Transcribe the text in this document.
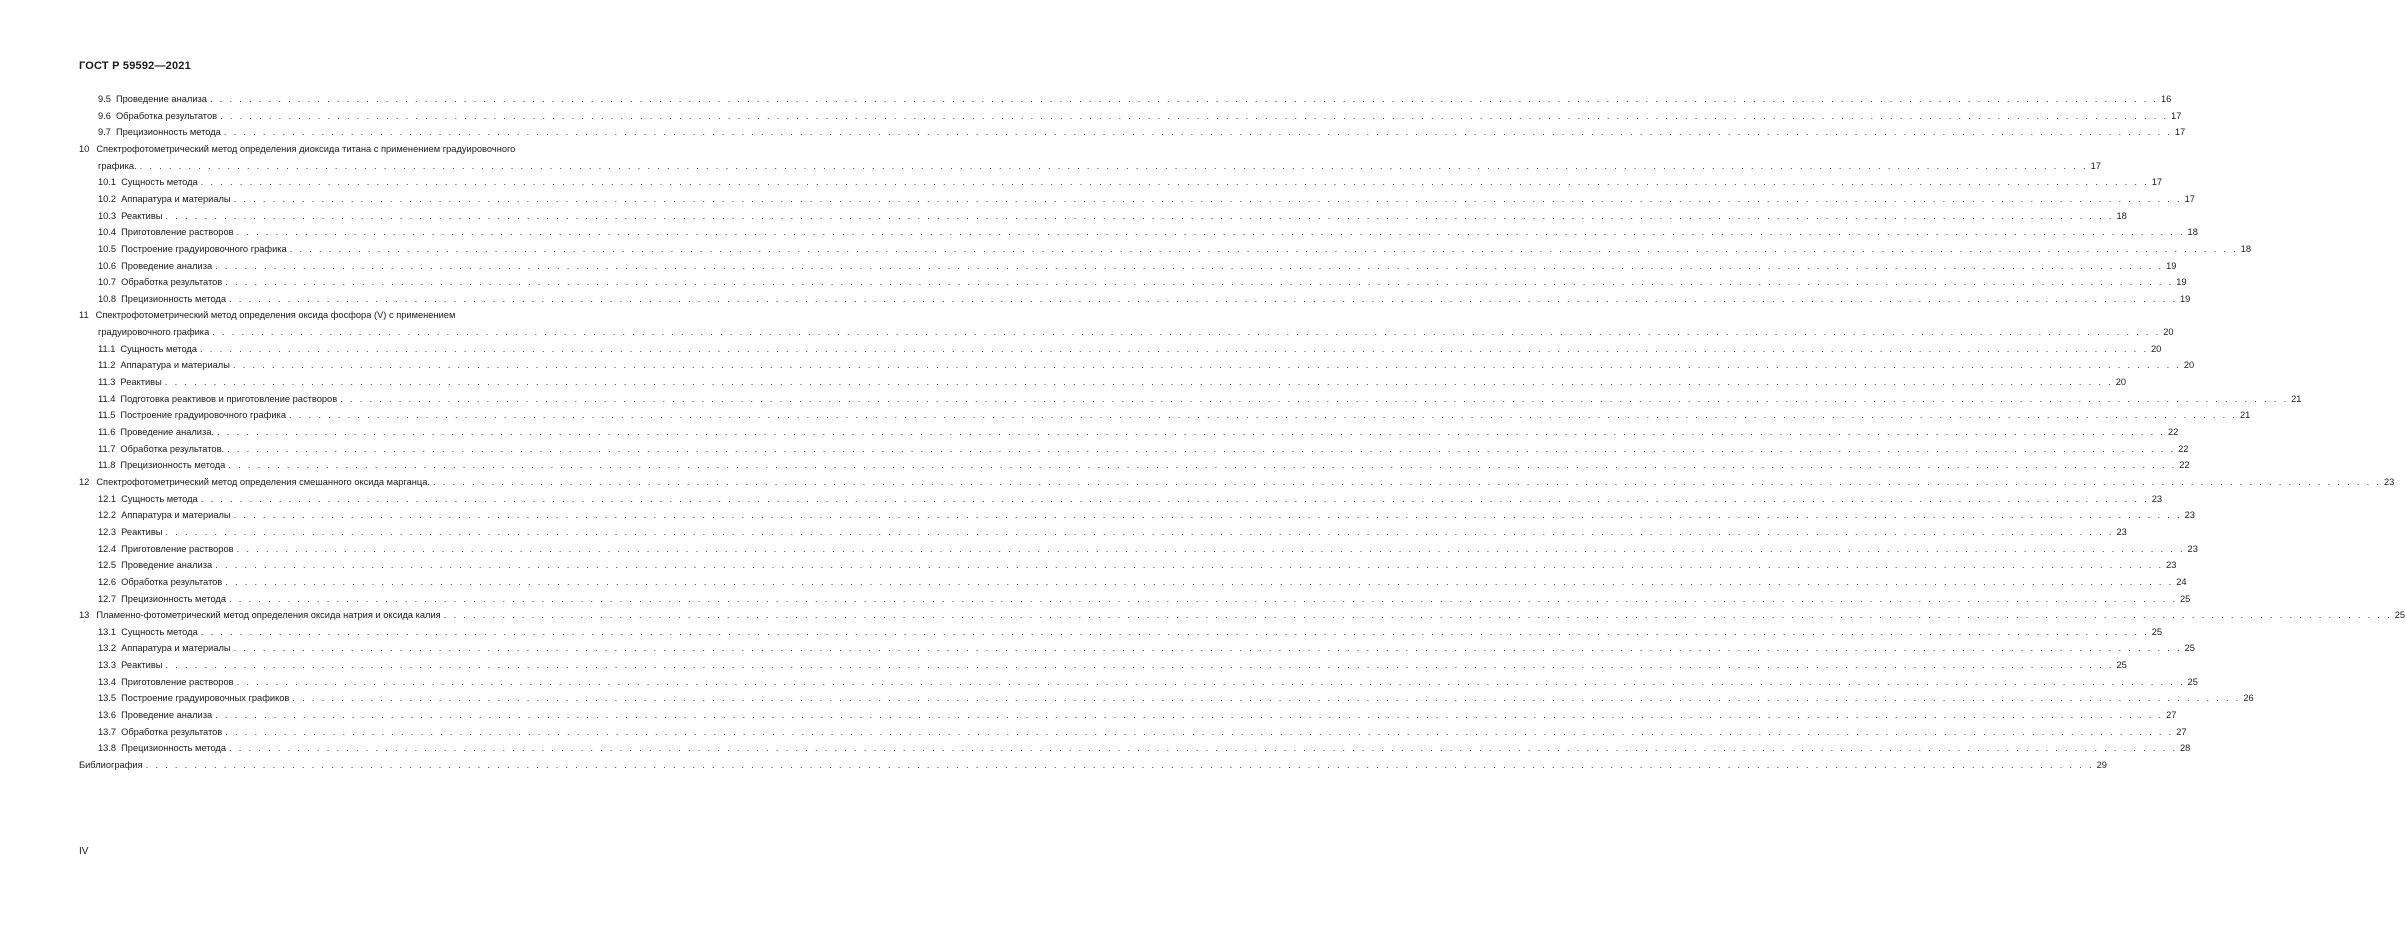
ГОСТ Р 59592—2021
9.5 Проведение анализа . . . . . . . . . . . . . . . . . . . . . . . . . . . . . . . . . . . . . . . . . . . . . . . . . . . . . . . . . . . . . . . . . . . . . . . . . . . . . . . . . . . . . . . . . . . . . . . . . . . . . . . . . . . . . . . . . . . . . . . . . . . . . . . . . . . . . . . . . . . . . . . . . . . . . . . . . . . . . . . . . . . . . . . . . . . . . . . . . . . . . . . . . . . . . . . . . . . . . . . . 16
9.6 Обработка результатов . . . . . . . . . . . . . . . . . . . . . . . . . . . . . . . . . . . . . . . . . . . . . . . . . . . . . . . . . . . . . . . . . . . . . . . . . . . . . . . . . . . . . . . . . . . . . . . . . . . . . . . . . . . . . . . . . . . . . . . . . . . . . . . . . . . . . . . . . . . . . . . . . . . . . . . . . . . . . . . . . . . . . . . . . . . . . . . . . . . . . . . . . . . . . . . . . . . . . . . . 17
9.7 Прецизионность метода . . . . . . . . . . . . . . . . . . . . . . . . . . . . . . . . . . . . . . . . . . . . . . . . . . . . . . . . . . . . . . . . . . . . . . . . . . . . . . . . . . . . . . . . . . . . . . . . . . . . . . . . . . . . . . . . . . . . . . . . . . . . . . . . . . . . . . . . . . . . . . . . . . . . . . . . . . . . . . . . . . . . . . . . . . . . . . . . . . . . . . . . . . . . . . . . . . . . . . . . 17
10 Спектрофотометрический метод определения диоксида титана с применением градуировочного
графика. . . . . . . . . . . . . . . . . . . . . . . . . . . . . . . . . . . . . . . . . . . . . . . . . . . . . . . . . . . . . . . . . . . . . . . . . . . . . . . . . . . . . . . . . . . . . . . . . . . . . . . . . . . . . . . . . . . . . . . . . . . . . . . . . . . . . . . . . . . . . . . . . . . . . . . . . . . . . . . . . . . . . . . . . . . . . . . . . . . . . . . . . . . . . . . . . . . . . . . . . 17
10.1 Сущность метода . . . . . . . . . . . . . . . . . . . . . . . . . . . . . . . . . . . . . . . . . . . . . . . . . . . . . . . . . . . . . . . . . . . . . . . . . . . . . . . . . . . . . . . . . . . . . . . . . . . . . . . . . . . . . . . . . . . . . . . . . . . . . . . . . . . . . . . . . . . . . . . . . . . . . . . . . . . . . . . . . . . . . . . . . . . . . . . . . . . . . . . . . . . . . . . . . . . . . . . . 17
10.2 Аппаратура и материалы . . . . . . . . . . . . . . . . . . . . . . . . . . . . . . . . . . . . . . . . . . . . . . . . . . . . . . . . . . . . . . . . . . . . . . . . . . . . . . . . . . . . . . . . . . . . . . . . . . . . . . . . . . . . . . . . . . . . . . . . . . . . . . . . . . . . . . . . . . . . . . . . . . . . . . . . . . . . . . . . . . . . . . . . . . . . . . . . . . . . . . . . . . . . . . . . . . . . . . . . 17
10.3 Реактивы . . . . . . . . . . . . . . . . . . . . . . . . . . . . . . . . . . . . . . . . . . . . . . . . . . . . . . . . . . . . . . . . . . . . . . . . . . . . . . . . . . . . . . . . . . . . . . . . . . . . . . . . . . . . . . . . . . . . . . . . . . . . . . . . . . . . . . . . . . . . . . . . . . . . . . . . . . . . . . . . . . . . . . . . . . . . . . . . . . . . . . . . . . . . . . . . . . . . . . . . 18
10.4 Приготовление растворов . . . . . . . . . . . . . . . . . . . . . . . . . . . . . . . . . . . . . . . . . . . . . . . . . . . . . . . . . . . . . . . . . . . . . . . . . . . . . . . . . . . . . . . . . . . . . . . . . . . . . . . . . . . . . . . . . . . . . . . . . . . . . . . . . . . . . . . . . . . . . . . . . . . . . . . . . . . . . . . . . . . . . . . . . . . . . . . . . . . . . . . . . . . . . . . . . . . . . . . . 18
10.5 Построение градуировочного графика . . . . . . . . . . . . . . . . . . . . . . . . . . . . . . . . . . . . . . . . . . . . . . . . . . . . . . . . . . . . . . . . . . . . . . . . . . . . . . . . . . . . . . . . . . . . . . . . . . . . . . . . . . . . . . . . . . . . . . . . . . . . . . . . . . . . . . . . . . . . . . . . . . . . . . . . . . . . . . . . . . . . . . . . . . . . . . . . . . . . . . . . . . . . . . . . . . . . . . . . 18
10.6 Проведение анализа . . . . . . . . . . . . . . . . . . . . . . . . . . . . . . . . . . . . . . . . . . . . . . . . . . . . . . . . . . . . . . . . . . . . . . . . . . . . . . . . . . . . . . . . . . . . . . . . . . . . . . . . . . . . . . . . . . . . . . . . . . . . . . . . . . . . . . . . . . . . . . . . . . . . . . . . . . . . . . . . . . . . . . . . . . . . . . . . . . . . . . . . . . . . . . . . . . . . . . . . 19
10.7 Обработка результатов . . . . . . . . . . . . . . . . . . . . . . . . . . . . . . . . . . . . . . . . . . . . . . . . . . . . . . . . . . . . . . . . . . . . . . . . . . . . . . . . . . . . . . . . . . . . . . . . . . . . . . . . . . . . . . . . . . . . . . . . . . . . . . . . . . . . . . . . . . . . . . . . . . . . . . . . . . . . . . . . . . . . . . . . . . . . . . . . . . . . . . . . . . . . . . . . . . . . . . . . 19
10.8 Прецизионность метода . . . . . . . . . . . . . . . . . . . . . . . . . . . . . . . . . . . . . . . . . . . . . . . . . . . . . . . . . . . . . . . . . . . . . . . . . . . . . . . . . . . . . . . . . . . . . . . . . . . . . . . . . . . . . . . . . . . . . . . . . . . . . . . . . . . . . . . . . . . . . . . . . . . . . . . . . . . . . . . . . . . . . . . . . . . . . . . . . . . . . . . . . . . . . . . . . . . . . . . . 19
11 Спектрофотометрический метод определения оксида фосфора (V) с применением
градуировочного графика . . . . . . . . . . . . . . . . . . . . . . . . . . . . . . . . . . . . . . . . . . . . . . . . . . . . . . . . . . . . . . . . . . . . . . . . . . . . . . . . . . . . . . . . . . . . . . . . . . . . . . . . . . . . . . . . . . . . . . . . . . . . . . . . . . . . . . . . . . . . . . . . . . . . . . . . . . . . . . . . . . . . . . . . . . . . . . . . . . . . . . . . . . . . . . . . . . . . . . . . 20
11.1 Сущность метода . . . . . . . . . . . . . . . . . . . . . . . . . . . . . . . . . . . . . . . . . . . . . . . . . . . . . . . . . . . . . . . . . . . . . . . . . . . . . . . . . . . . . . . . . . . . . . . . . . . . . . . . . . . . . . . . . . . . . . . . . . . . . . . . . . . . . . . . . . . . . . . . . . . . . . . . . . . . . . . . . . . . . . . . . . . . . . . . . . . . . . . . . . . . . . . . . . . . . . . . 20
11.2 Аппаратура и материалы . . . . . . . . . . . . . . . . . . . . . . . . . . . . . . . . . . . . . . . . . . . . . . . . . . . . . . . . . . . . . . . . . . . . . . . . . . . . . . . . . . . . . . . . . . . . . . . . . . . . . . . . . . . . . . . . . . . . . . . . . . . . . . . . . . . . . . . . . . . . . . . . . . . . . . . . . . . . . . . . . . . . . . . . . . . . . . . . . . . . . . . . . . . . . . . . . . . . . . . . 20
11.3 Реактивы . . . . . . . . . . . . . . . . . . . . . . . . . . . . . . . . . . . . . . . . . . . . . . . . . . . . . . . . . . . . . . . . . . . . . . . . . . . . . . . . . . . . . . . . . . . . . . . . . . . . . . . . . . . . . . . . . . . . . . . . . . . . . . . . . . . . . . . . . . . . . . . . . . . . . . . . . . . . . . . . . . . . . . . . . . . . . . . . . . . . . . . . . . . . . . . . . . . . . . . . 20
11.4 Подготовка реактивов и приготовление растворов . . . . . . . . . . . . . . . . . . . . . . . . . . . . . . . . . . . . . . . . . . . . . . . . . . . . . . . . . . . . . . . . . . . . . . . . . . . . . . . . . . . . . . . . . . . . . . . . . . . . . . . . . . . . . . . . . . . . . . . . . . . . . . . . . . . . . . . . . . . . . . . . . . . . . . . . . . . . . . . . . . . . . . . . . . . . . . . . . . . . . . . . . . . . . . . . . . . . . . . . 21
11.5 Построение градуировочного графика . . . . . . . . . . . . . . . . . . . . . . . . . . . . . . . . . . . . . . . . . . . . . . . . . . . . . . . . . . . . . . . . . . . . . . . . . . . . . . . . . . . . . . . . . . . . . . . . . . . . . . . . . . . . . . . . . . . . . . . . . . . . . . . . . . . . . . . . . . . . . . . . . . . . . . . . . . . . . . . . . . . . . . . . . . . . . . . . . . . . . . . . . . . . . . . . . . . . . . . . 21
11.6 Проведение анализа. . . . . . . . . . . . . . . . . . . . . . . . . . . . . . . . . . . . . . . . . . . . . . . . . . . . . . . . . . . . . . . . . . . . . . . . . . . . . . . . . . . . . . . . . . . . . . . . . . . . . . . . . . . . . . . . . . . . . . . . . . . . . . . . . . . . . . . . . . . . . . . . . . . . . . . . . . . . . . . . . . . . . . . . . . . . . . . . . . . . . . . . . . . . . . . . . . . . . . . . . 22
11.7 Обработка результатов. . . . . . . . . . . . . . . . . . . . . . . . . . . . . . . . . . . . . . . . . . . . . . . . . . . . . . . . . . . . . . . . . . . . . . . . . . . . . . . . . . . . . . . . . . . . . . . . . . . . . . . . . . . . . . . . . . . . . . . . . . . . . . . . . . . . . . . . . . . . . . . . . . . . . . . . . . . . . . . . . . . . . . . . . . . . . . . . . . . . . . . . . . . . . . . . . . . . . . . . . 22
11.8 Прецизионность метода . . . . . . . . . . . . . . . . . . . . . . . . . . . . . . . . . . . . . . . . . . . . . . . . . . . . . . . . . . . . . . . . . . . . . . . . . . . . . . . . . . . . . . . . . . . . . . . . . . . . . . . . . . . . . . . . . . . . . . . . . . . . . . . . . . . . . . . . . . . . . . . . . . . . . . . . . . . . . . . . . . . . . . . . . . . . . . . . . . . . . . . . . . . . . . . . . . . . . . . . 22
12 Спектрофотометрический метод определения смешанного оксида марганца. . . . . . . . . . . . . . . . . . . . . . . . . . . . . . . . . . . . . . . . . . . . . . . . . . . . . . . . . . . . . . . . . . . . . . . . . . . . . . . . . . . . . . . . . . . . . . . . . . . . . . . . . . . . . . . . . . . . . . . . . . . . . . . . . . . . . . . . . . . . . . . . . . . . . . . . . . . . . . . . . . . . . . . . . . . . . . . . . . . . . . . . . . . . . . . . . . . . . . . . . 23
12.1 Сущность метода . . . . . . . . . . . . . . . . . . . . . . . . . . . . . . . . . . . . . . . . . . . . . . . . . . . . . . . . . . . . . . . . . . . . . . . . . . . . . . . . . . . . . . . . . . . . . . . . . . . . . . . . . . . . . . . . . . . . . . . . . . . . . . . . . . . . . . . . . . . . . . . . . . . . . . . . . . . . . . . . . . . . . . . . . . . . . . . . . . . . . . . . . . . . . . . . . . . . . . . . 23
12.2 Аппаратура и материалы . . . . . . . . . . . . . . . . . . . . . . . . . . . . . . . . . . . . . . . . . . . . . . . . . . . . . . . . . . . . . . . . . . . . . . . . . . . . . . . . . . . . . . . . . . . . . . . . . . . . . . . . . . . . . . . . . . . . . . . . . . . . . . . . . . . . . . . . . . . . . . . . . . . . . . . . . . . . . . . . . . . . . . . . . . . . . . . . . . . . . . . . . . . . . . . . . . . . . . . . 23
12.3 Реактивы . . . . . . . . . . . . . . . . . . . . . . . . . . . . . . . . . . . . . . . . . . . . . . . . . . . . . . . . . . . . . . . . . . . . . . . . . . . . . . . . . . . . . . . . . . . . . . . . . . . . . . . . . . . . . . . . . . . . . . . . . . . . . . . . . . . . . . . . . . . . . . . . . . . . . . . . . . . . . . . . . . . . . . . . . . . . . . . . . . . . . . . . . . . . . . . . . . . . . . . . 23
12.4 Приготовление растворов . . . . . . . . . . . . . . . . . . . . . . . . . . . . . . . . . . . . . . . . . . . . . . . . . . . . . . . . . . . . . . . . . . . . . . . . . . . . . . . . . . . . . . . . . . . . . . . . . . . . . . . . . . . . . . . . . . . . . . . . . . . . . . . . . . . . . . . . . . . . . . . . . . . . . . . . . . . . . . . . . . . . . . . . . . . . . . . . . . . . . . . . . . . . . . . . . . . . . . . . 23
12.5 Проведение анализа . . . . . . . . . . . . . . . . . . . . . . . . . . . . . . . . . . . . . . . . . . . . . . . . . . . . . . . . . . . . . . . . . . . . . . . . . . . . . . . . . . . . . . . . . . . . . . . . . . . . . . . . . . . . . . . . . . . . . . . . . . . . . . . . . . . . . . . . . . . . . . . . . . . . . . . . . . . . . . . . . . . . . . . . . . . . . . . . . . . . . . . . . . . . . . . . . . . . . . . . 23
12.6 Обработка результатов . . . . . . . . . . . . . . . . . . . . . . . . . . . . . . . . . . . . . . . . . . . . . . . . . . . . . . . . . . . . . . . . . . . . . . . . . . . . . . . . . . . . . . . . . . . . . . . . . . . . . . . . . . . . . . . . . . . . . . . . . . . . . . . . . . . . . . . . . . . . . . . . . . . . . . . . . . . . . . . . . . . . . . . . . . . . . . . . . . . . . . . . . . . . . . . . . . . . . . . . 24
12.7 Прецизионность метода . . . . . . . . . . . . . . . . . . . . . . . . . . . . . . . . . . . . . . . . . . . . . . . . . . . . . . . . . . . . . . . . . . . . . . . . . . . . . . . . . . . . . . . . . . . . . . . . . . . . . . . . . . . . . . . . . . . . . . . . . . . . . . . . . . . . . . . . . . . . . . . . . . . . . . . . . . . . . . . . . . . . . . . . . . . . . . . . . . . . . . . . . . . . . . . . . . . . . . . . 25
13 Пламенно-фотометрический метод определения оксида натрия и оксида калия . . . . . . . . . . . . . . . . . . . . . . . . . . . . . . . . . . . . . . . . . . . . . . . . . . . . . . . . . . . . . . . . . . . . . . . . . . . . . . . . . . . . . . . . . . . . . . . . . . . . . . . . . . . . . . . . . . . . . . . . . . . . . . . . . . . . . . . . . . . . . . . . . . . . . . . . . . . . . . . . . . . . . . . . . . . . . . . . . . . . . . . . . . . . . . . . . . . . . . . . 25
13.1 Сущность метода . . . . . . . . . . . . . . . . . . . . . . . . . . . . . . . . . . . . . . . . . . . . . . . . . . . . . . . . . . . . . . . . . . . . . . . . . . . . . . . . . . . . . . . . . . . . . . . . . . . . . . . . . . . . . . . . . . . . . . . . . . . . . . . . . . . . . . . . . . . . . . . . . . . . . . . . . . . . . . . . . . . . . . . . . . . . . . . . . . . . . . . . . . . . . . . . . . . . . . . . 25
13.2 Аппаратура и материалы . . . . . . . . . . . . . . . . . . . . . . . . . . . . . . . . . . . . . . . . . . . . . . . . . . . . . . . . . . . . . . . . . . . . . . . . . . . . . . . . . . . . . . . . . . . . . . . . . . . . . . . . . . . . . . . . . . . . . . . . . . . . . . . . . . . . . . . . . . . . . . . . . . . . . . . . . . . . . . . . . . . . . . . . . . . . . . . . . . . . . . . . . . . . . . . . . . . . . . . . 25
13.3 Реактивы . . . . . . . . . . . . . . . . . . . . . . . . . . . . . . . . . . . . . . . . . . . . . . . . . . . . . . . . . . . . . . . . . . . . . . . . . . . . . . . . . . . . . . . . . . . . . . . . . . . . . . . . . . . . . . . . . . . . . . . . . . . . . . . . . . . . . . . . . . . . . . . . . . . . . . . . . . . . . . . . . . . . . . . . . . . . . . . . . . . . . . . . . . . . . . . . . . . . . . . . 25
13.4 Приготовление растворов . . . . . . . . . . . . . . . . . . . . . . . . . . . . . . . . . . . . . . . . . . . . . . . . . . . . . . . . . . . . . . . . . . . . . . . . . . . . . . . . . . . . . . . . . . . . . . . . . . . . . . . . . . . . . . . . . . . . . . . . . . . . . . . . . . . . . . . . . . . . . . . . . . . . . . . . . . . . . . . . . . . . . . . . . . . . . . . . . . . . . . . . . . . . . . . . . . . . . . . . 25
13.5 Построение градуировочных графиков . . . . . . . . . . . . . . . . . . . . . . . . . . . . . . . . . . . . . . . . . . . . . . . . . . . . . . . . . . . . . . . . . . . . . . . . . . . . . . . . . . . . . . . . . . . . . . . . . . . . . . . . . . . . . . . . . . . . . . . . . . . . . . . . . . . . . . . . . . . . . . . . . . . . . . . . . . . . . . . . . . . . . . . . . . . . . . . . . . . . . . . . . . . . . . . . . . . . . . . . 26
13.6 Проведение анализа . . . . . . . . . . . . . . . . . . . . . . . . . . . . . . . . . . . . . . . . . . . . . . . . . . . . . . . . . . . . . . . . . . . . . . . . . . . . . . . . . . . . . . . . . . . . . . . . . . . . . . . . . . . . . . . . . . . . . . . . . . . . . . . . . . . . . . . . . . . . . . . . . . . . . . . . . . . . . . . . . . . . . . . . . . . . . . . . . . . . . . . . . . . . . . . . . . . . . . . . 27
13.7 Обработка результатов . . . . . . . . . . . . . . . . . . . . . . . . . . . . . . . . . . . . . . . . . . . . . . . . . . . . . . . . . . . . . . . . . . . . . . . . . . . . . . . . . . . . . . . . . . . . . . . . . . . . . . . . . . . . . . . . . . . . . . . . . . . . . . . . . . . . . . . . . . . . . . . . . . . . . . . . . . . . . . . . . . . . . . . . . . . . . . . . . . . . . . . . . . . . . . . . . . . . . . . . 27
13.8 Прецизионность метода . . . . . . . . . . . . . . . . . . . . . . . . . . . . . . . . . . . . . . . . . . . . . . . . . . . . . . . . . . . . . . . . . . . . . . . . . . . . . . . . . . . . . . . . . . . . . . . . . . . . . . . . . . . . . . . . . . . . . . . . . . . . . . . . . . . . . . . . . . . . . . . . . . . . . . . . . . . . . . . . . . . . . . . . . . . . . . . . . . . . . . . . . . . . . . . . . . . . . . . . 28
Библиография . . . . . . . . . . . . . . . . . . . . . . . . . . . . . . . . . . . . . . . . . . . . . . . . . . . . . . . . . . . . . . . . . . . . . . . . . . . . . . . . . . . . . . . . . . . . . . . . . . . . . . . . . . . . . . . . . . . . . . . . . . . . . . . . . . . . . . . . . . . . . . . . . . . . . . . . . . . . . . . . . . . . . . . . . . . . . . . . . . . . . . . . . . . . . . . . . . . . . . . . 29
IV
